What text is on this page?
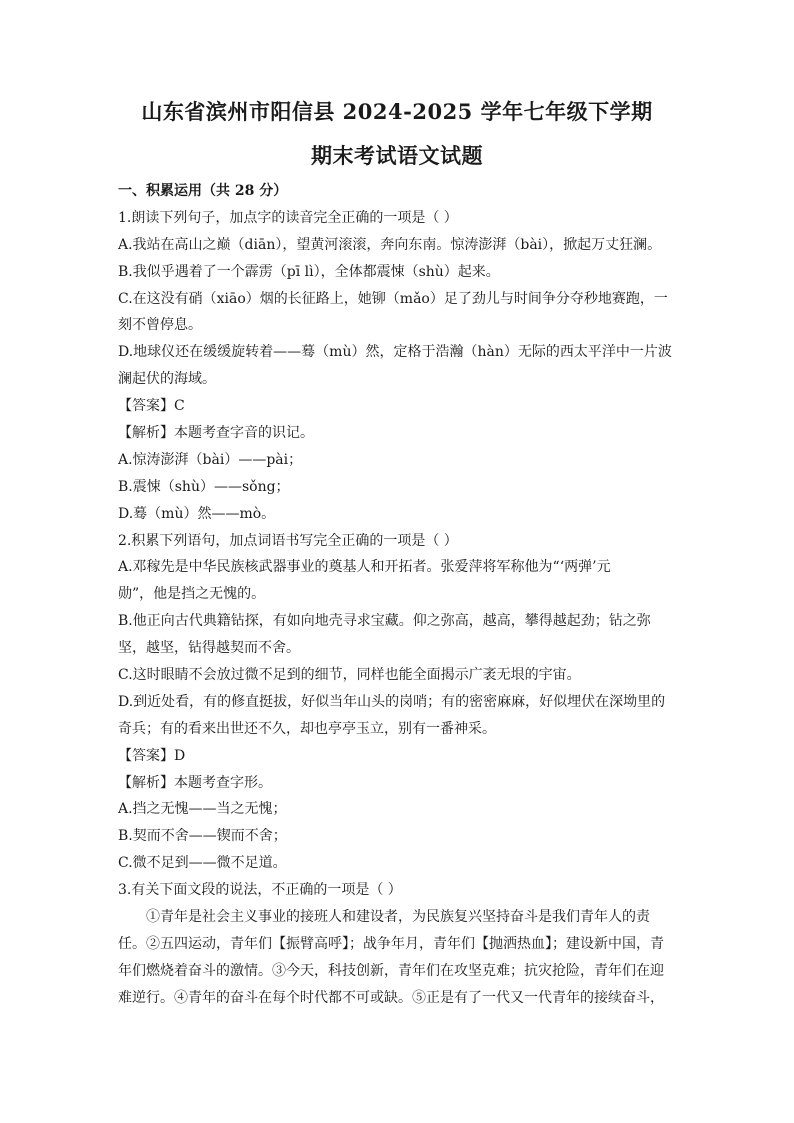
山东省滨州市阳信县 2024-2025 学年七年级下学期
期末考试语文试题
一、积累运用（共 28 分）
1.朗读下列句子，加点字的读音完全正确的一项是（ ）
A.我站在高山之巅（diān），望黄河滚滚，奔向东南。惊涛澎湃（bài），掀起万丈狂澜。
B.我似乎遇着了一个霹雳（pī lì），全体都震悚（shù）起来。
C.在这没有硝（xiāo）烟的长征路上，她铆（mǎo）足了劲儿与时间争分夺秒地赛跑，一
刻不曾停息。
D.地球仪还在缓缓旋转着——蓦（mù）然，定格于浩瀚（hàn）无际的西太平洋中一片波
澜起伏的海域。
【答案】C
【解析】本题考查字音的识记。
A.惊涛澎湃（bài）——pài；
B.震悚（shù）——sǒng；
D.蓦（mù）然——mò。
2.积累下列语句，加点词语书写完全正确的一项是（ ）
A.邓稼先是中华民族核武器事业的奠基人和开拓者。张爱萍将军称他为“‘两弹’元
勋”，他是挡之无愧的。
B.他正向古代典籍钻探，有如向地壳寻求宝藏。仰之弥高，越高，攀得越起劲；钻之弥
坚，越坚，钻得越契而不舍。
C.这时眼睛不会放过微不足到的细节，同样也能全面揭示广袤无垠的宇宙。
D.到近处看，有的修直挺拔，好似当年山头的岗哨；有的密密麻麻，好似埋伏在深坳里的
奇兵；有的看来出世还不久，却也亭亭玉立，别有一番神采。
【答案】D
【解析】本题考查字形。
A.挡之无愧——当之无愧；
B.契而不舍——锲而不舍；
C.微不足到——微不足道。
3.有关下面文段的说法，不正确的一项是（ ）
①青年是社会主义事业的接班人和建设者，为民族复兴坚持奋斗是我们青年人的责
任。②五四运动，青年们【振臂高呼】；战争年月，青年们【抛洒热血】；建设新中国，青
年们燃烧着奋斗的激情。③今天，科技创新，青年们在攻坚克难；抗灾抢险，青年们在迎
难逆行。④青年的奋斗在每个时代都不可或缺。⑤正是有了一代又一代青年的接续奋斗，
